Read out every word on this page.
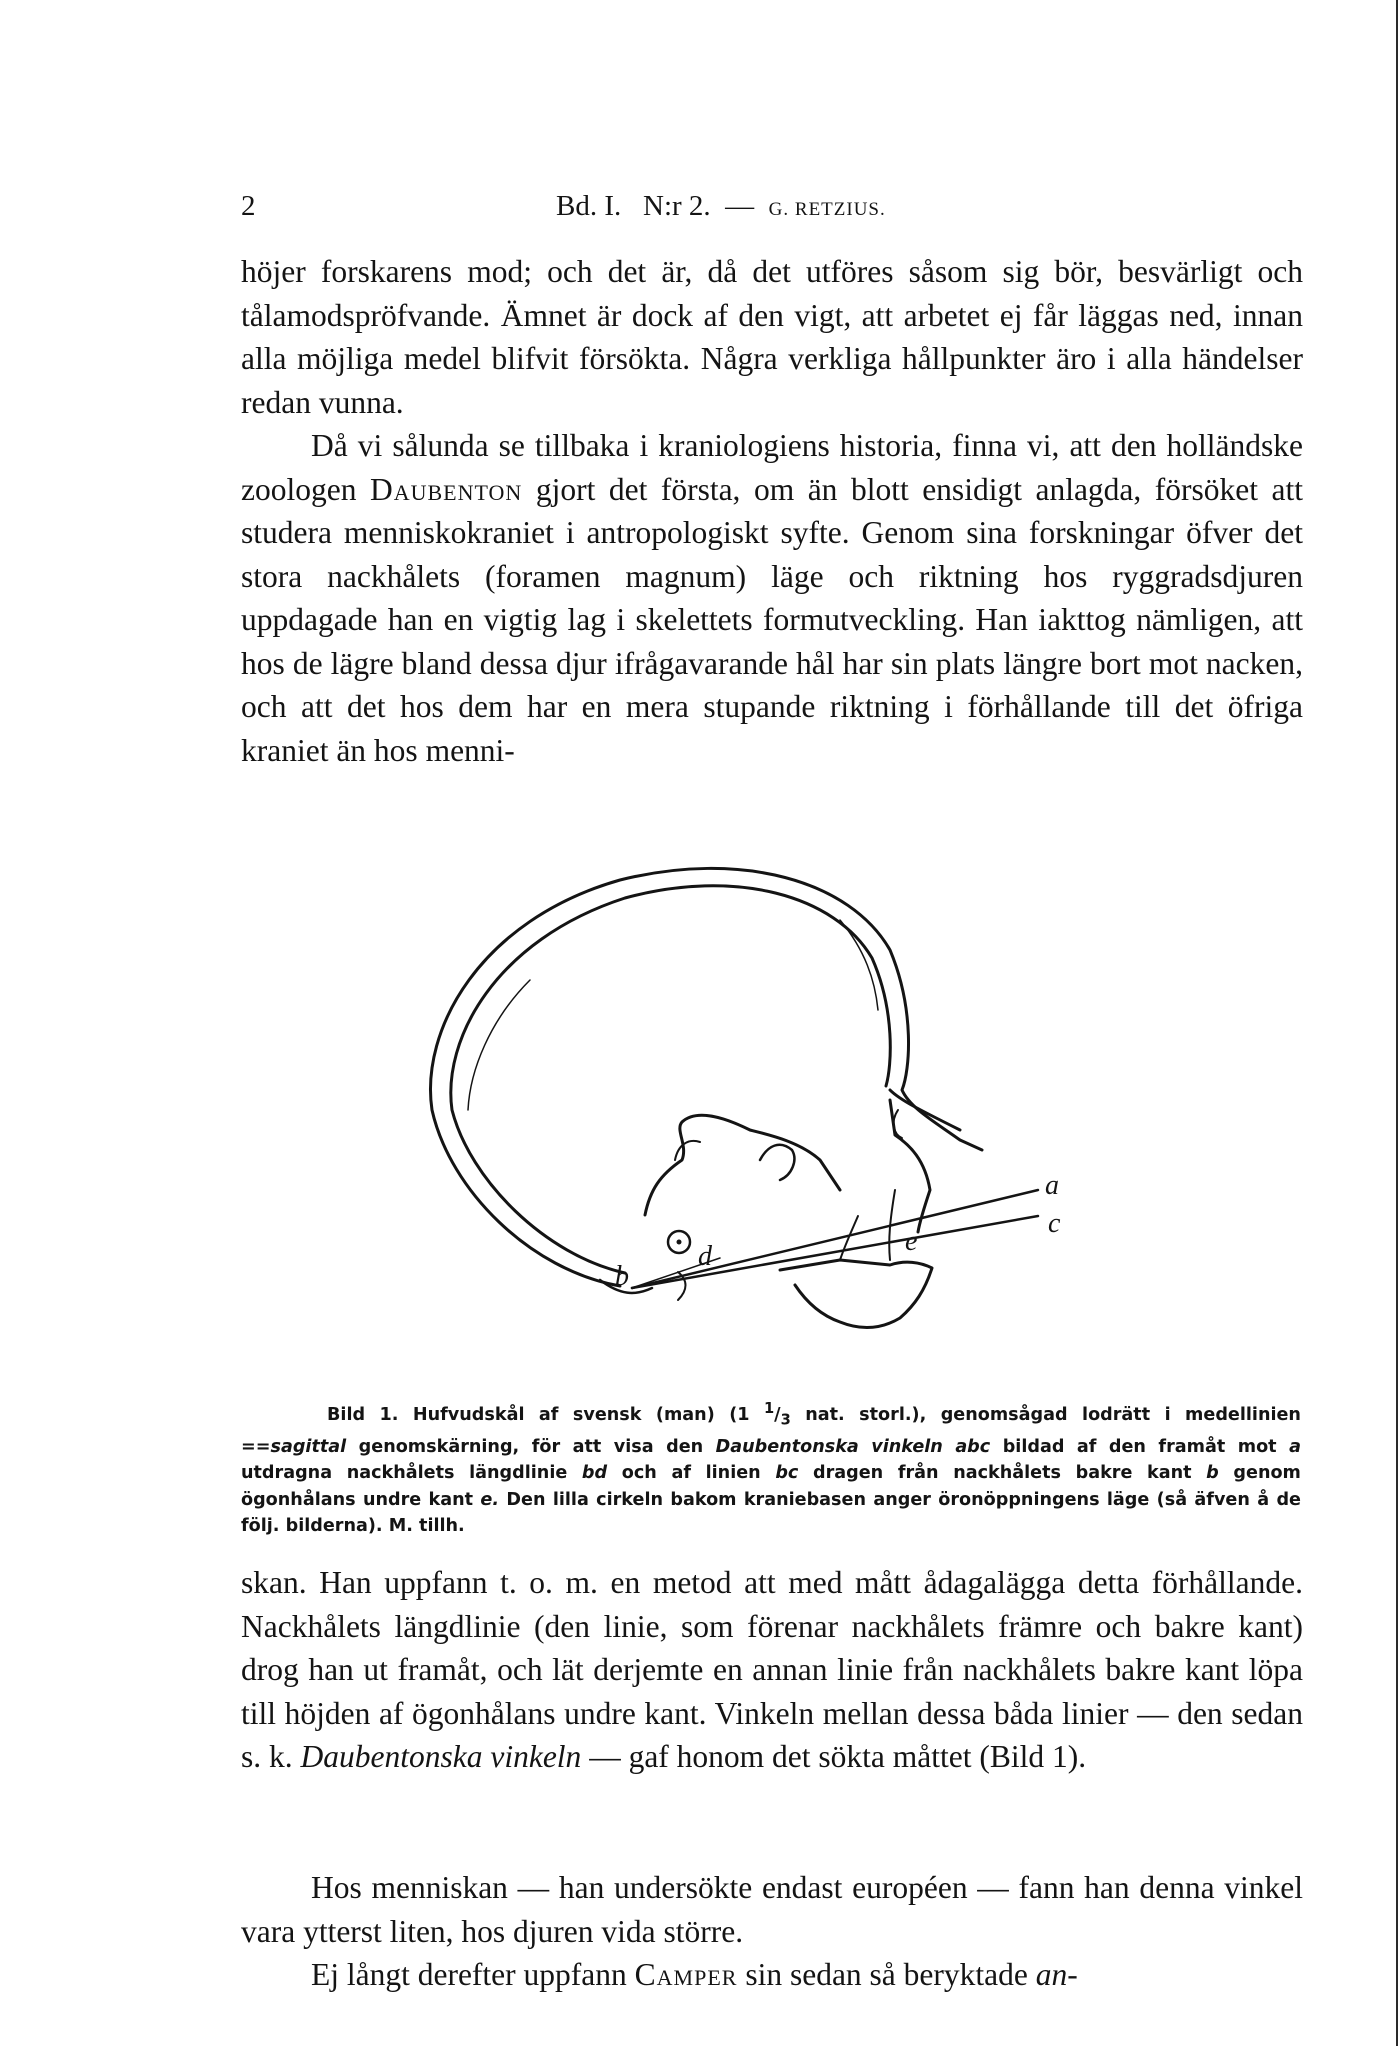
2	Bd. I. N:r 2. — G. RETZIUS.

höjer forskarens mod; och det är, då det utföres såsom sig bör, besvärligt och tålamodspröfvande. Ämnet är dock af den vigt, att arbetet ej får läggas ned, innan alla möjliga medel blifvit försökta. Några verkliga hållpunkter äro i alla händelser redan vunna.

Då vi sålunda se tillbaka i kraniologiens historia, finna vi, att den holländske zoologen Daubenton gjort det första, om än blott ensidigt anlagda, försöket att studera menniskokraniet i antropologiskt syfte. Genom sina forskningar öfver det stora nackhålets (foramen magnum) läge och riktning hos ryggradsdjuren uppdagade han en vigtig lag i skelettets formutveckling. Han iakttog nämligen, att hos de lägre bland dessa djur ifrågavarande hål har sin plats längre bort mot nacken, och att det hos dem har en mera stupande riktning i förhållande till det öfriga kraniet än hos menni-

b
d
a
c
e

Bild 1. Hufvudskål af svensk (man) (1 $^1/_3$ nat. storl.), genomsågad lodrätt i medellinien ==sagittal genomskärning, för att visa den Daubentonska vinkeln abc bildad af den framåt mot a utdragna nackhålets längdlinie bd och af linien bc dragen från nackhålets bakre kant b genom ögonhålans undre kant e. Den lilla cirkeln bakom kraniebasen anger öronöppningens läge (så äfven å de följ. bilderna). M. tillh.

skan. Han uppfann t. o. m. en metod att med mått ådagalägga detta förhållande. Nackhålets längdlinie (den linie, som förenar nackhålets främre och bakre kant) drog han ut framåt, och lät derjemte en annan linie från nackhålets bakre kant löpa till höjden af ögonhålans undre kant. Vinkeln mellan dessa båda linier — den sedan s. k. Daubentonska vinkeln — gaf honom det sökta måttet (Bild 1).

Hos menniskan — han undersökte endast européen — fann han denna vinkel vara ytterst liten, hos djuren vida större.

Ej långt derefter uppfann Camper sin sedan så beryktade an-
